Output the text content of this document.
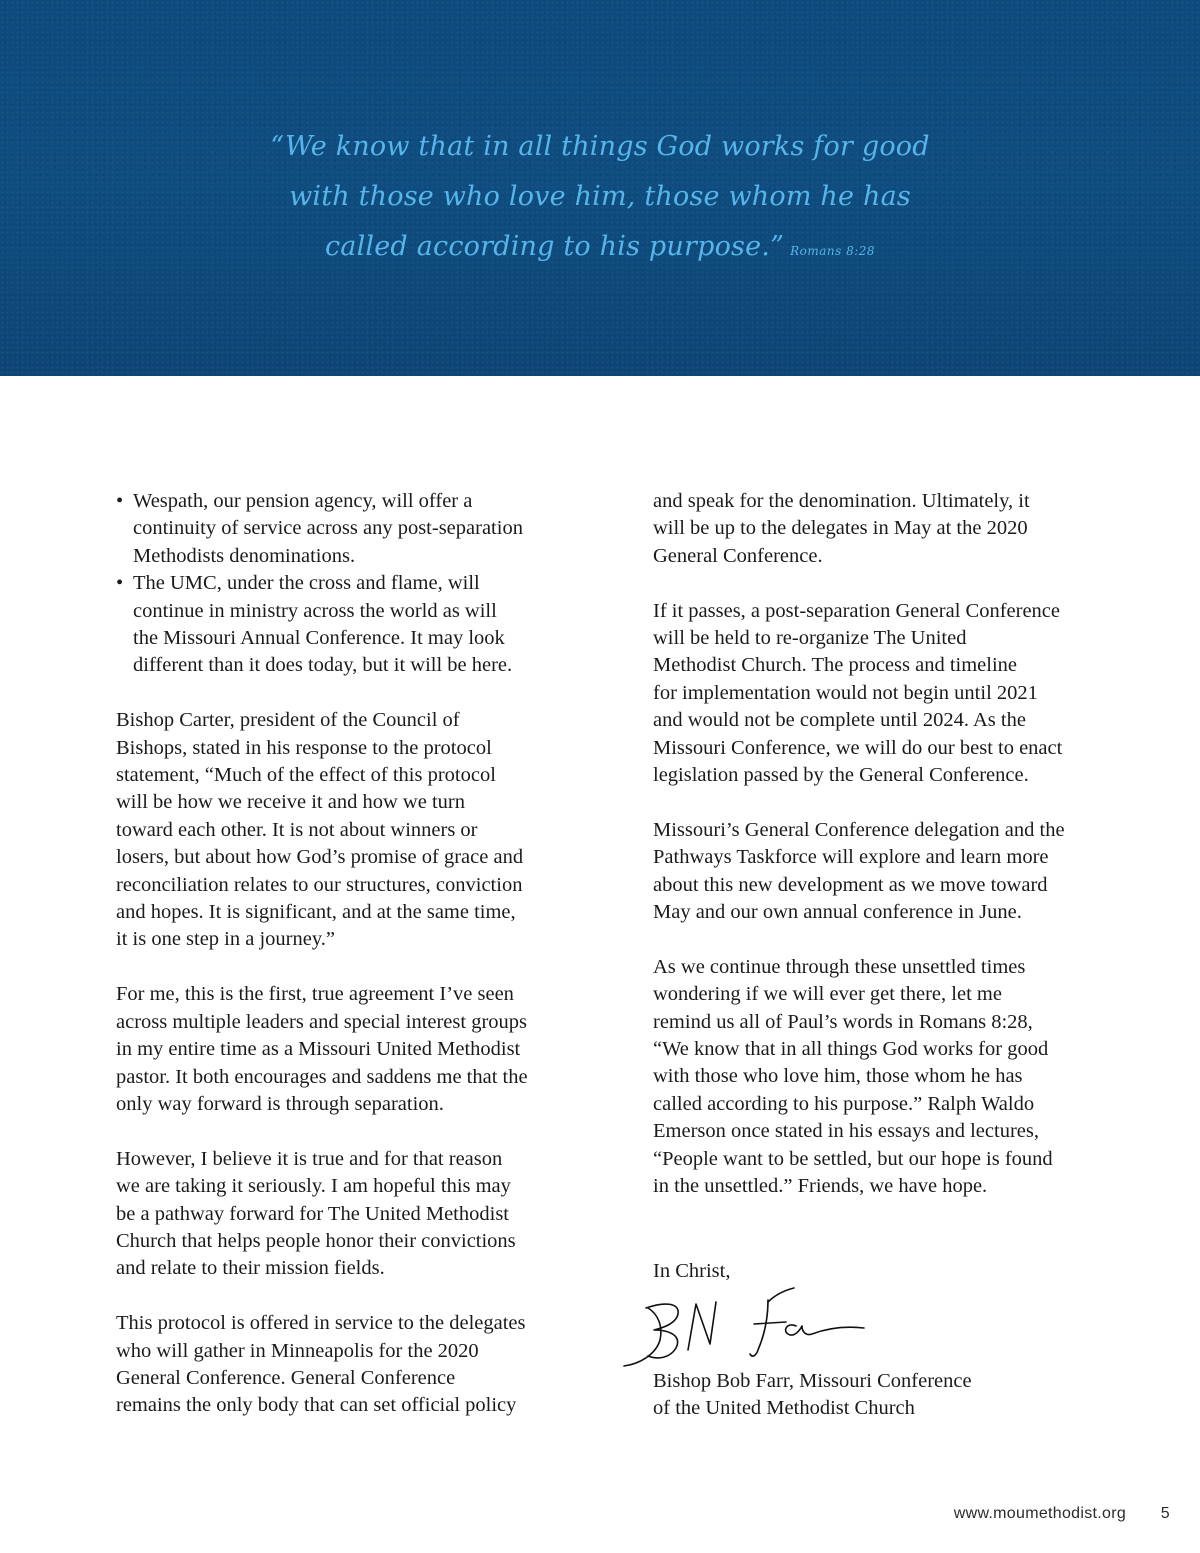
“We know that in all things God works for good
with those who love him, those whom he has
called according to his purpose.” Romans 8:28
• Wespath, our pension agency, will offer a
continuity of service across any post-separation
Methodists denominations.
• The UMC, under the cross and flame, will
continue in ministry across the world as will
the Missouri Annual Conference. It may look
different than it does today, but it will be here.

Bishop Carter, president of the Council of
Bishops, stated in his response to the protocol
statement, “Much of the effect of this protocol
will be how we receive it and how we turn
toward each other. It is not about winners or
losers, but about how God’s promise of grace and
reconciliation relates to our structures, conviction
and hopes. It is significant, and at the same time,
it is one step in a journey.”

For me, this is the first, true agreement I’ve seen
across multiple leaders and special interest groups
in my entire time as a Missouri United Methodist
pastor. It both encourages and saddens me that the
only way forward is through separation.

However, I believe it is true and for that reason
we are taking it seriously. I am hopeful this may
be a pathway forward for The United Methodist
Church that helps people honor their convictions
and relate to their mission fields.

This protocol is offered in service to the delegates
who will gather in Minneapolis for the 2020
General Conference. General Conference
remains the only body that can set official policy

and speak for the denomination. Ultimately, it
will be up to the delegates in May at the 2020
General Conference.

If it passes, a post-separation General Conference
will be held to re-organize The United
Methodist Church. The process and timeline
for implementation would not begin until 2021
and would not be complete until 2024. As the
Missouri Conference, we will do our best to enact
legislation passed by the General Conference.

Missouri’s General Conference delegation and the
Pathways Taskforce will explore and learn more
about this new development as we move toward
May and our own annual conference in June.

As we continue through these unsettled times
wondering if we will ever get there, let me
remind us all of Paul’s words in Romans 8:28,
“We know that in all things God works for good
with those who love him, those whom he has
called according to his purpose.” Ralph Waldo
Emerson once stated in his essays and lectures,
“People want to be settled, but our hope is found
in the unsettled.” Friends, we have hope.

In Christ,
Bishop Bob Farr, Missouri Conference
of the United Methodist Church
www.moumethodist.org 5
